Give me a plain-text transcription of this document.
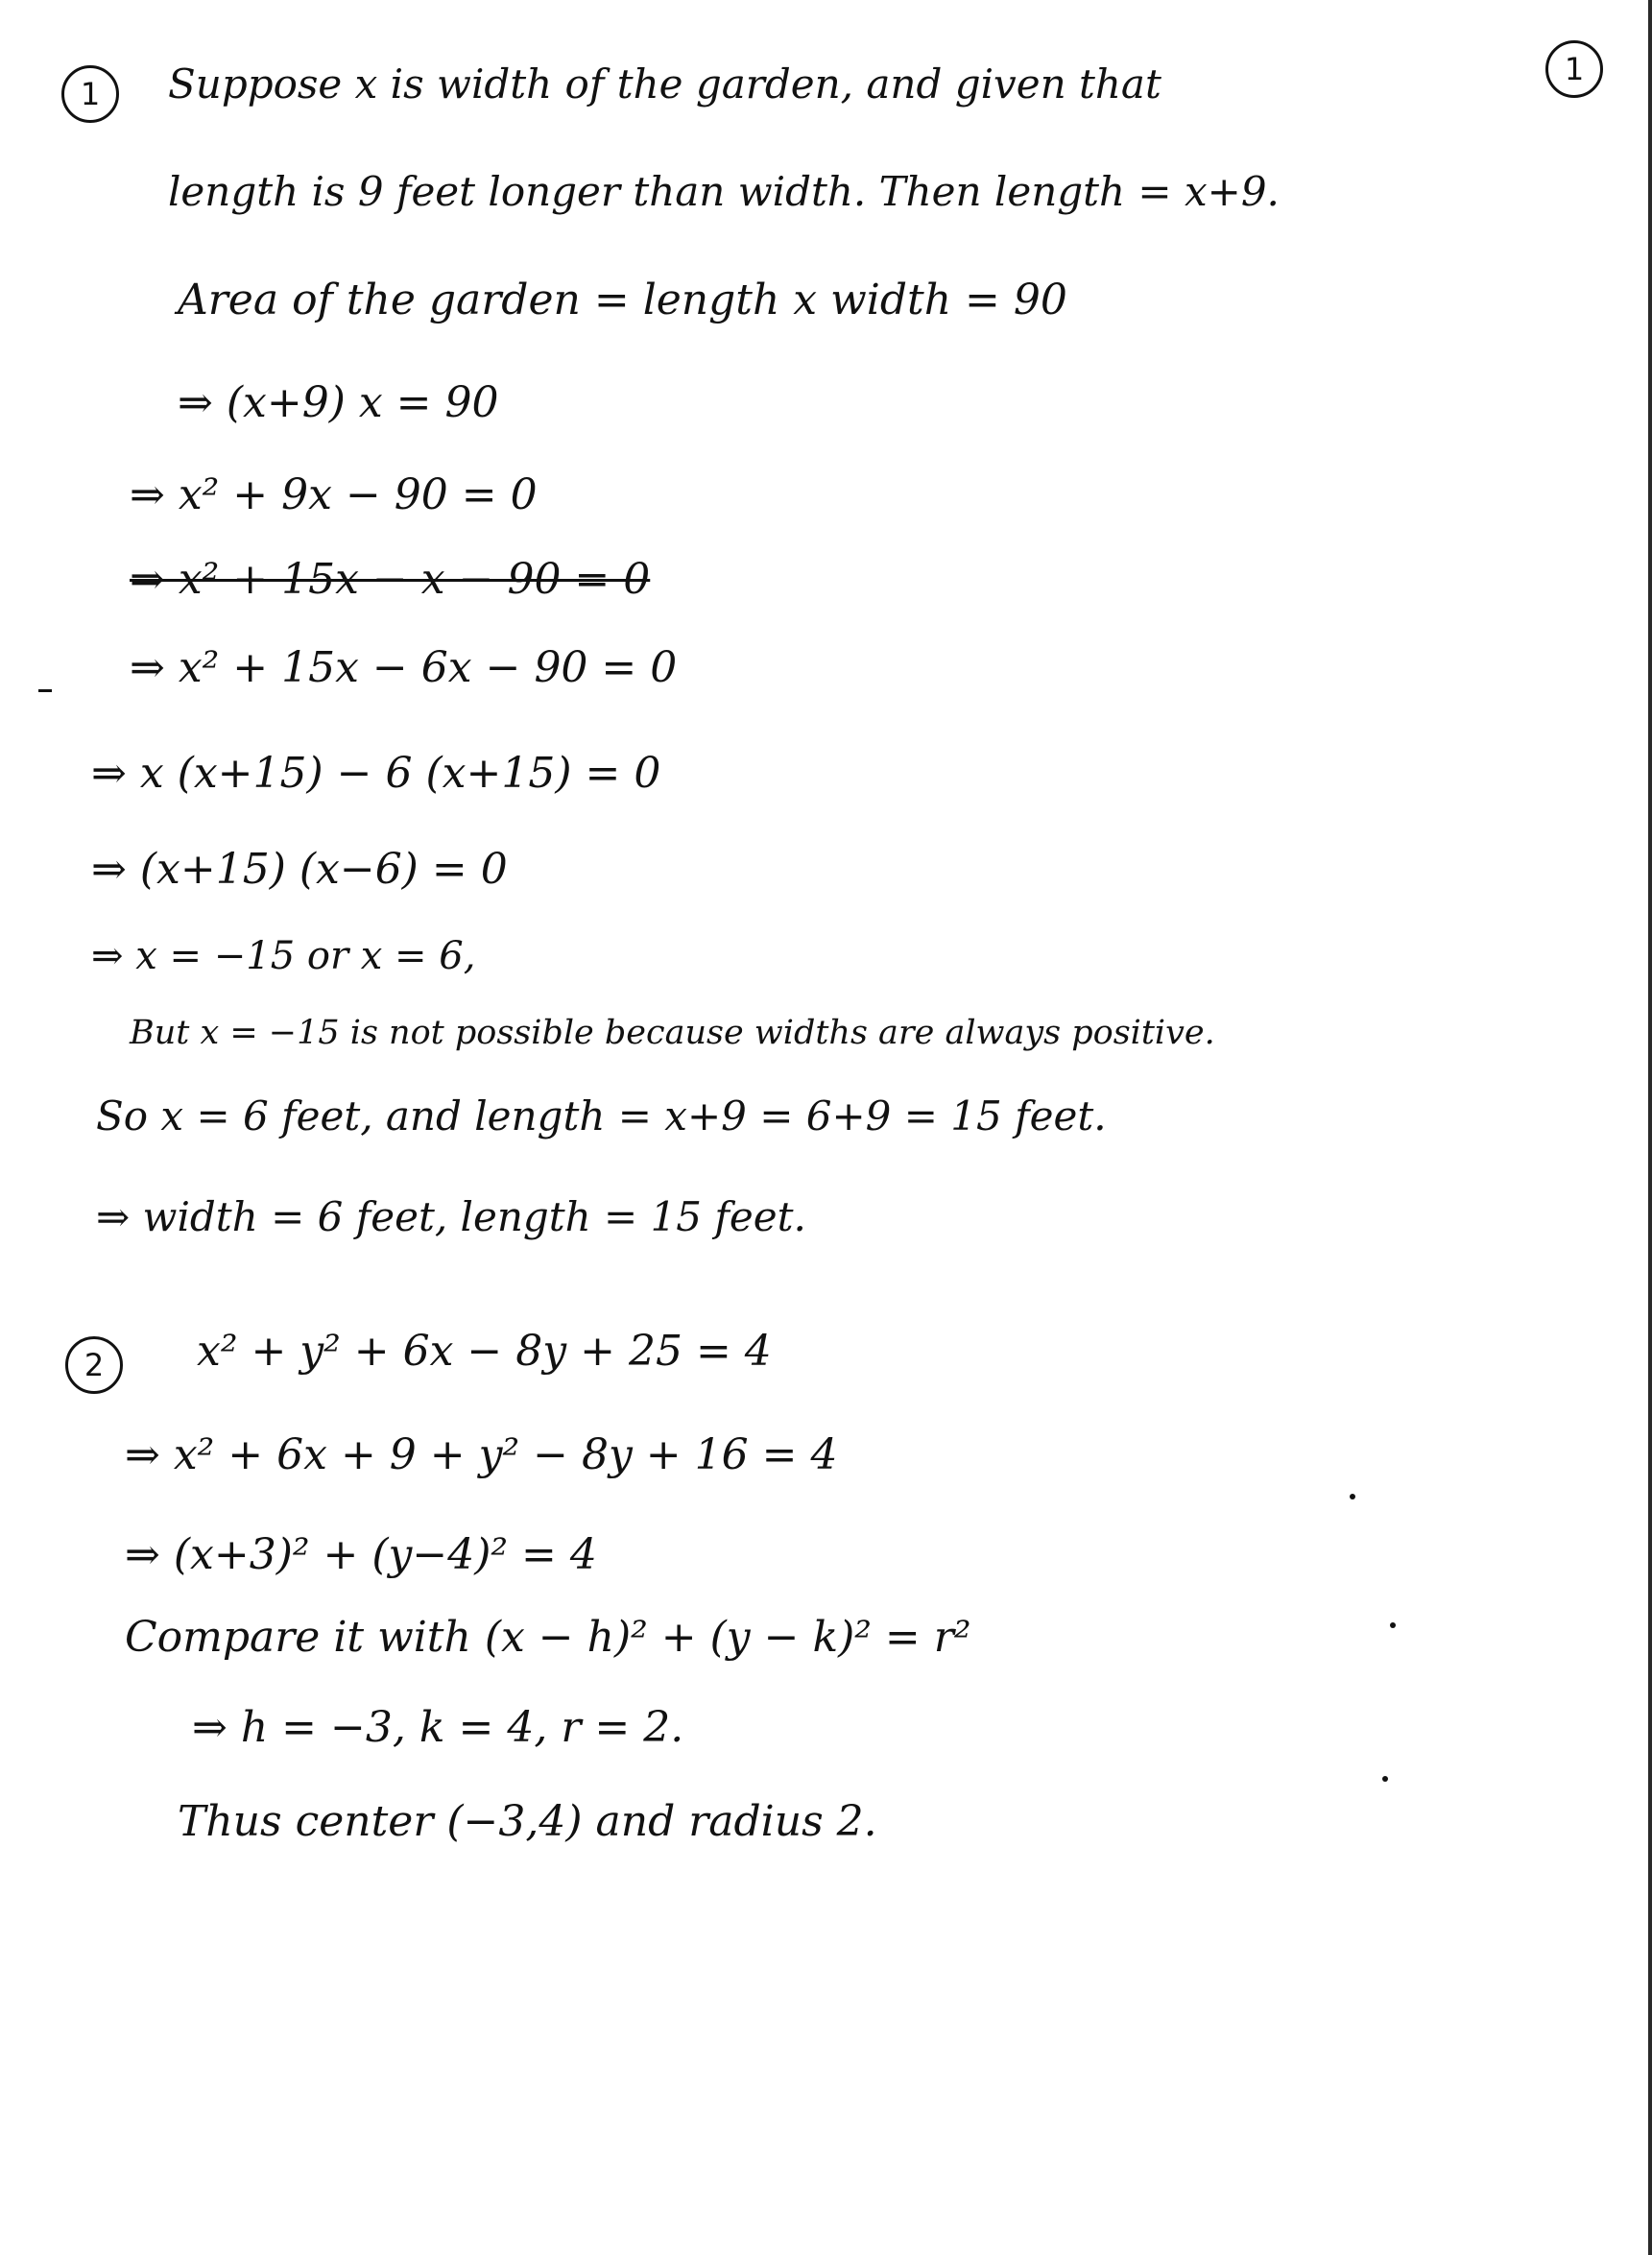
1
1
Suppose x is width of the garden, and given that
length is 9 feet longer than width. Then length = x+9.
Area of the garden = length x width = 90
⇒ (x+9) x = 90
⇒ x² + 9x − 90 = 0
⇒ x² + 15x − x − 90 = 0
⇒ x² + 15x − 6x − 90 = 0
⇒ x (x+15) − 6 (x+15) = 0
⇒ (x+15) (x−6) = 0
⇒ x = −15 or x = 6,
But x = −15 is not possible because widths are always positive.
So x = 6 feet, and length = x+9 = 6+9 = 15 feet.
⇒ width = 6 feet, length = 15 feet.
2	x² + y² + 6x − 8y + 25 = 4
⇒ x² + 6x + 9 + y² − 8y + 16 = 4
⇒ (x+3)² + (y−4)² = 4
Compare it with (x − h)² + (y − k)² = r²
⇒ h = −3, k = 4, r = 2.
Thus center (−3,4) and radius 2.
